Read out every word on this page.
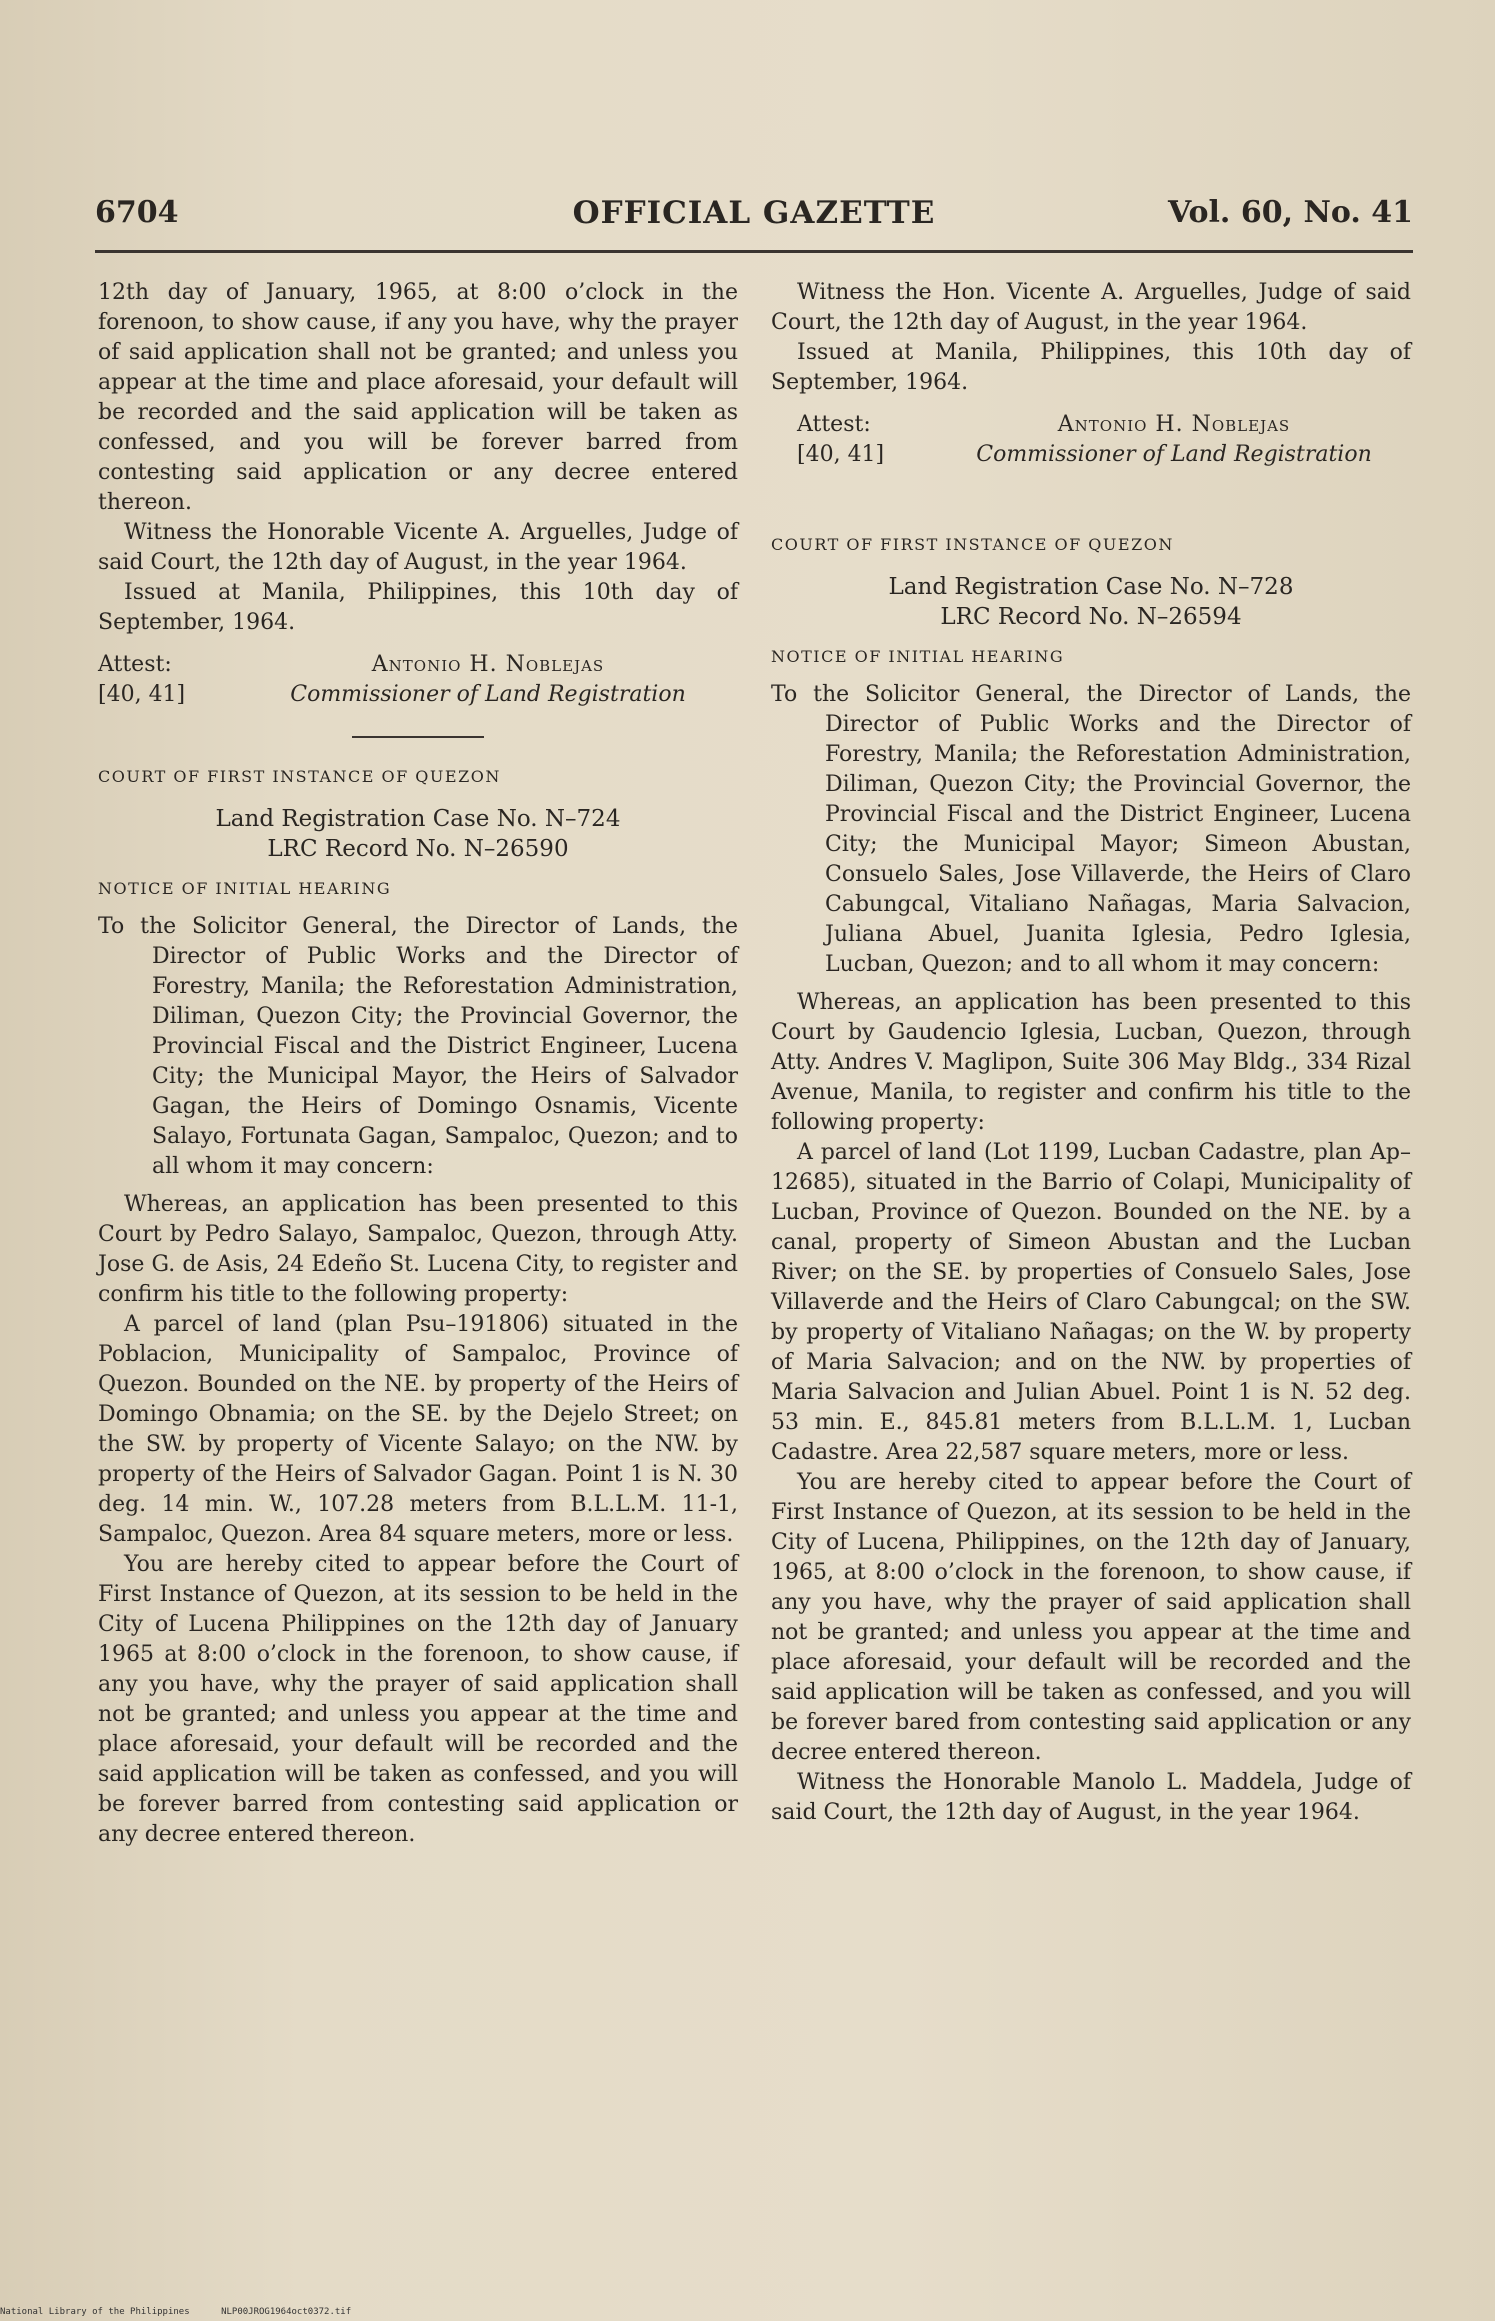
6704	OFFICIAL GAZETTE	Vol. 60, No. 41

12th day of January, 1965, at 8:00 o’clock in the forenoon, to show cause, if any you have, why the prayer of said application shall not be granted; and unless you appear at the time and place aforesaid, your default will be recorded and the said application will be taken as confessed, and you will be forever barred from contesting said application or any decree entered thereon.

Witness the Honorable Vicente A. Arguelles, Judge of said Court, the 12th day of August, in the year 1964.

Issued at Manila, Philippines, this 10th day of September, 1964.

Attest:
[40, 41]
Antonio H. Noblejas
Commissioner of Land Registration

COURT OF FIRST INSTANCE OF QUEZON

Land Registration Case No. N–724
LRC Record No. N–26590

NOTICE OF INITIAL HEARING

To the Solicitor General, the Director of Lands, the Director of Public Works and the Director of Forestry, Manila; the Reforestation Administration, Diliman, Quezon City; the Provincial Governor, the Provincial Fiscal and the District Engineer, Lucena City; the Municipal Mayor, the Heirs of Salvador Gagan, the Heirs of Domingo Osnamis, Vicente Salayo, Fortunata Gagan, Sampaloc, Quezon; and to all whom it may concern:

Whereas, an application has been presented to this Court by Pedro Salayo, Sampaloc, Quezon, through Atty. Jose G. de Asis, 24 Edeño St. Lucena City, to register and confirm his title to the following property:

A parcel of land (plan Psu–191806) situated in the Poblacion, Municipality of Sampaloc, Province of Quezon. Bounded on the NE. by property of the Heirs of Domingo Obnamia; on the SE. by the Dejelo Street; on the SW. by property of Vicente Salayo; on the NW. by property of the Heirs of Salvador Gagan. Point 1 is N. 30 deg. 14 min. W., 107.28 meters from B.L.L.M. 11-1, Sampaloc, Quezon. Area 84 square meters, more or less.

You are hereby cited to appear before the Court of First Instance of Quezon, at its session to be held in the City of Lucena Philippines on the 12th day of January 1965 at 8:00 o’clock in the forenoon, to show cause, if any you have, why the prayer of said application shall not be granted; and unless you appear at the time and place aforesaid, your default will be recorded and the said application will be taken as confessed, and you will be forever barred from contesting said application or any decree entered thereon.

Witness the Hon. Vicente A. Arguelles, Judge of said Court, the 12th day of August, in the year 1964.

Issued at Manila, Philippines, this 10th day of September, 1964.

Attest:
[40, 41]
Antonio H. Noblejas
Commissioner of Land Registration

COURT OF FIRST INSTANCE OF QUEZON

Land Registration Case No. N–728
LRC Record No. N–26594

NOTICE OF INITIAL HEARING

To the Solicitor General, the Director of Lands, the Director of Public Works and the Director of Forestry, Manila; the Reforestation Administration, Diliman, Quezon City; the Provincial Governor, the Provincial Fiscal and the District Engineer, Lucena City; the Municipal Mayor; Simeon Abustan, Consuelo Sales, Jose Villaverde, the Heirs of Claro Cabungcal, Vitaliano Nañagas, Maria Salvacion, Juliana Abuel, Juanita Iglesia, Pedro Iglesia, Lucban, Quezon; and to all whom it may concern:

Whereas, an application has been presented to this Court by Gaudencio Iglesia, Lucban, Quezon, through Atty. Andres V. Maglipon, Suite 306 May Bldg., 334 Rizal Avenue, Manila, to register and confirm his title to the following property:

A parcel of land (Lot 1199, Lucban Cadastre, plan Ap–12685), situated in the Barrio of Colapi, Municipality of Lucban, Province of Quezon. Bounded on the NE. by a canal, property of Simeon Abustan and the Lucban River; on the SE. by properties of Consuelo Sales, Jose Villaverde and the Heirs of Claro Cabungcal; on the SW. by property of Vitaliano Nañagas; on the W. by property of Maria Salvacion; and on the NW. by properties of Maria Salvacion and Julian Abuel. Point 1 is N. 52 deg. 53 min. E., 845.81 meters from B.L.L.M. 1, Lucban Cadastre. Area 22,587 square meters, more or less.

You are hereby cited to appear before the Court of First Instance of Quezon, at its session to be held in the City of Lucena, Philippines, on the 12th day of January, 1965, at 8:00 o’clock in the forenoon, to show cause, if any you have, why the prayer of said application shall not be granted; and unless you appear at the time and place aforesaid, your default will be recorded and the said application will be taken as confessed, and you will be forever bared from contesting said application or any decree entered thereon.

Witness the Honorable Manolo L. Maddela, Judge of said Court, the 12th day of August, in the year 1964.

National Library of the Philippines	NLP00JROG1964oct0372.tif
